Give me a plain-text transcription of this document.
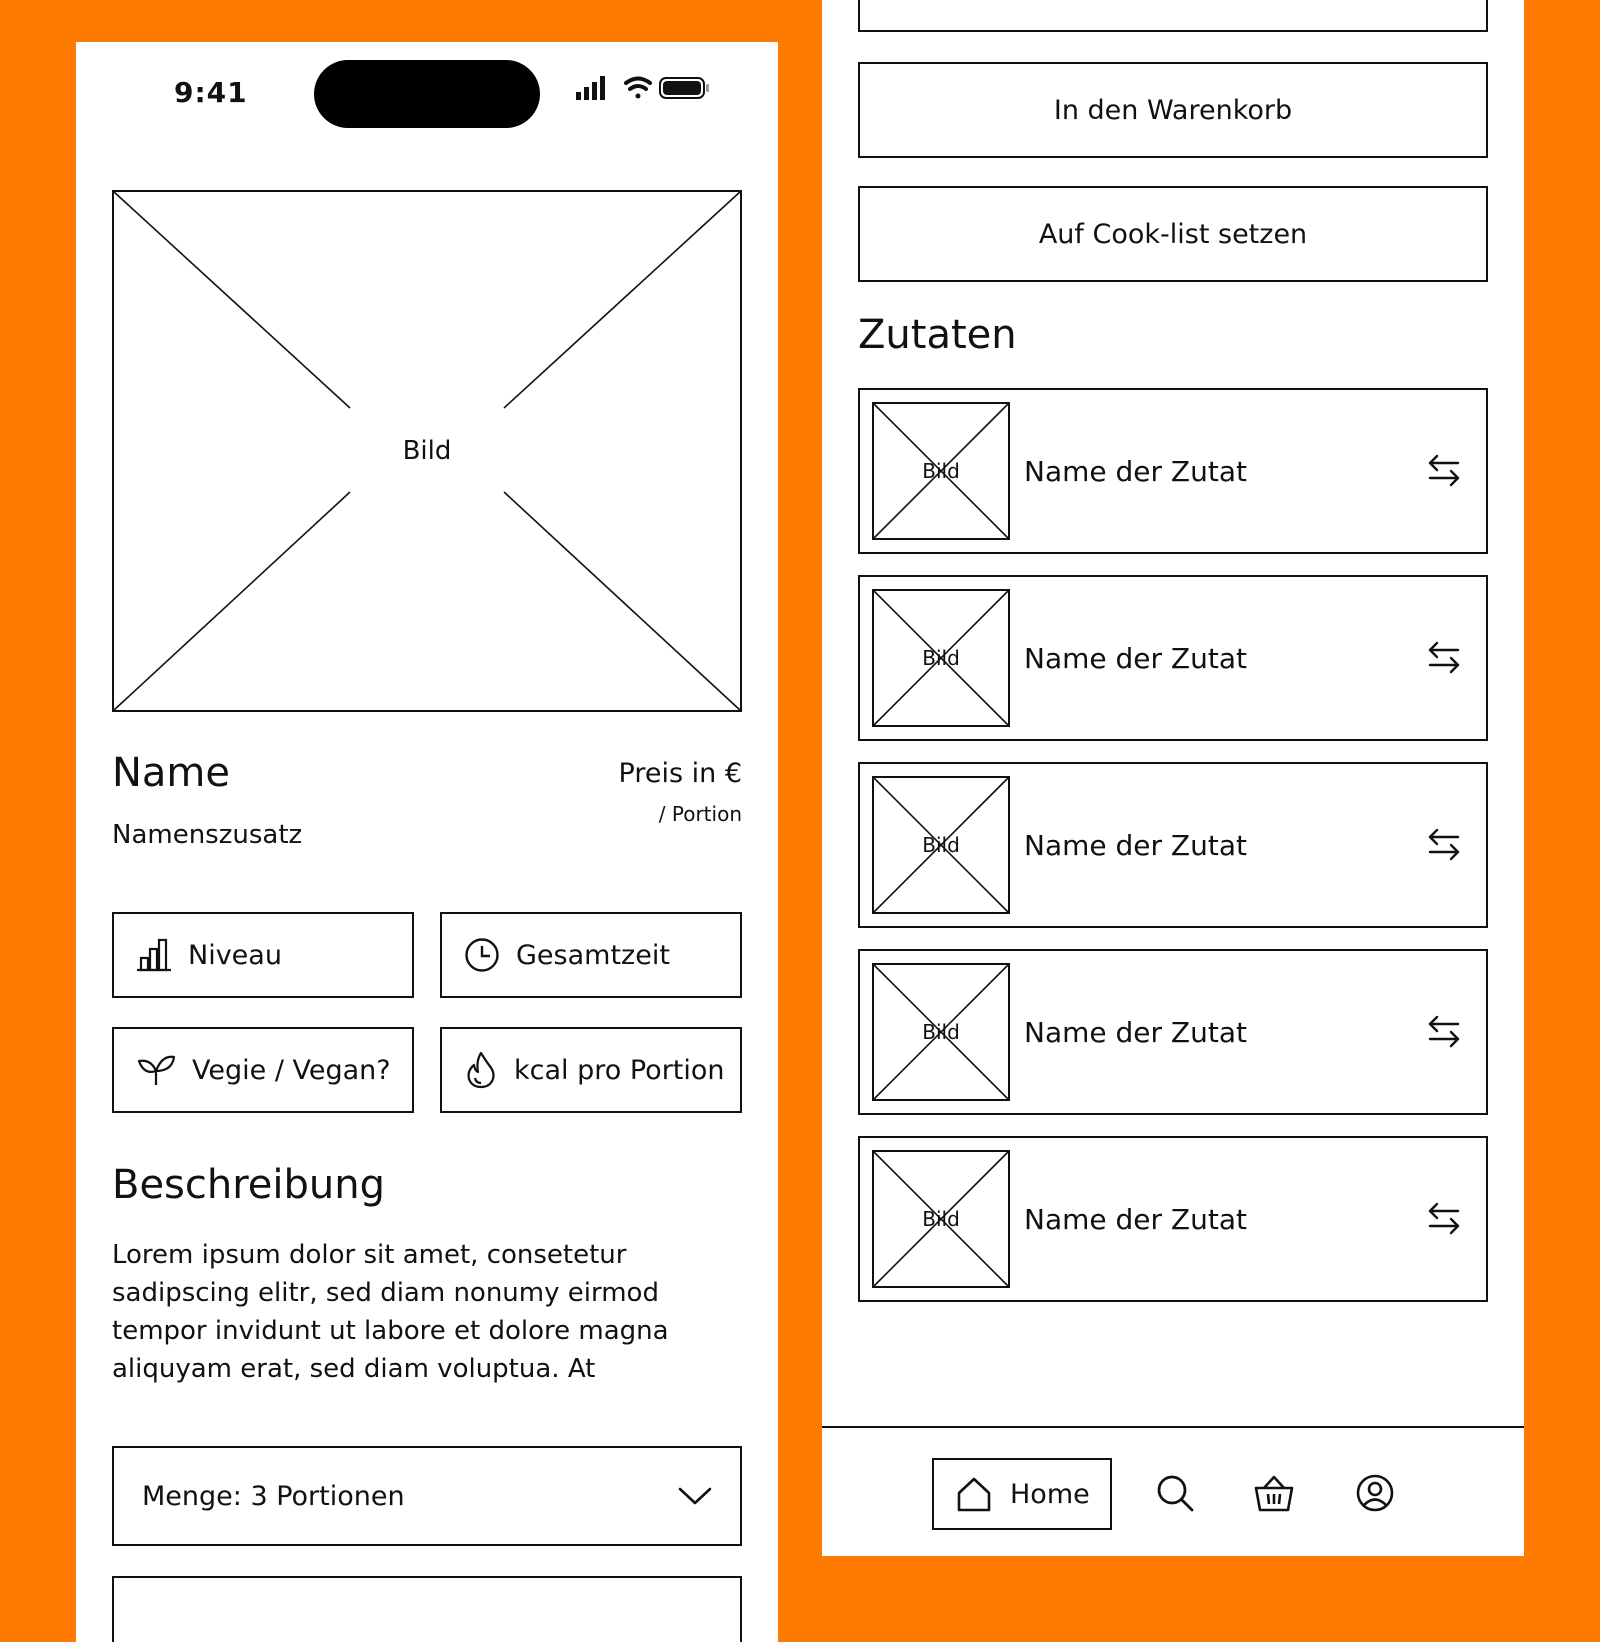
9:41
Bild
Name
Namenszusatz
Preis in €
/ Portion
Niveau	Gesamtzeit
Vegie / Vegan?	kcal pro Portion
Beschreibung
Lorem ipsum dolor sit amet, consetetur sadipscing elitr, sed diam nonumy eirmod tempor invidunt ut labore et dolore magna aliquyam erat, sed diam voluptua. At
Menge: 3 Portionen
In den Warenkorb
Auf Cook-list setzen
Zutaten
Bild	Name der Zutat
Bild	Name der Zutat
Bild	Name der Zutat
Bild	Name der Zutat
Bild	Name der Zutat
Home
